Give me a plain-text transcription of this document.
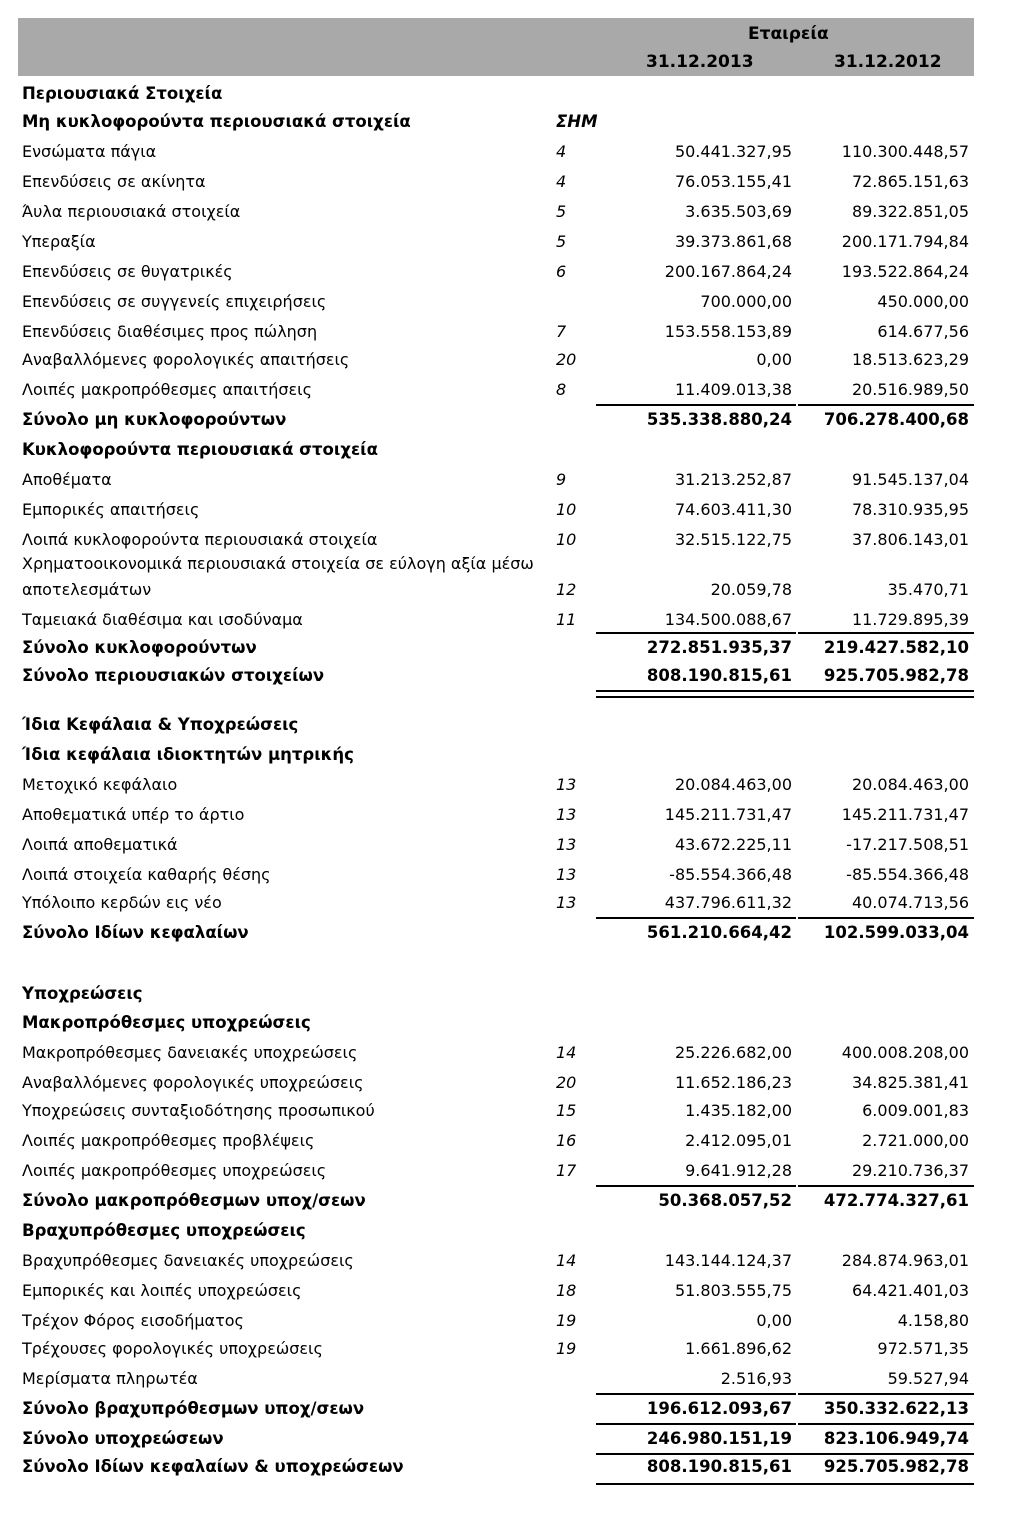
Εταιρεία
31.12.2013	31.12.2012
Περιουσιακά Στοιχεία
Μη κυκλοφορούντα περιουσιακά στοιχεία	ΣΗΜ
Ενσώματα πάγια	4	50.441.327,95	110.300.448,57
Επενδύσεις σε ακίνητα	4	76.053.155,41	72.865.151,63
Άυλα περιουσιακά στοιχεία	5	3.635.503,69	89.322.851,05
Υπεραξία	5	39.373.861,68	200.171.794,84
Επενδύσεις σε θυγατρικές	6	200.167.864,24	193.522.864,24
Επενδύσεις σε συγγενείς επιχειρήσεις	700.000,00	450.000,00
Επενδύσεις διαθέσιμες προς πώληση	7	153.558.153,89	614.677,56
Αναβαλλόμενες φορολογικές απαιτήσεις	20	0,00	18.513.623,29
Λοιπές μακροπρόθεσμες απαιτήσεις	8	11.409.013,38	20.516.989,50
Σύνολο μη κυκλοφορούντων	535.338.880,24 706.278.400,68
Κυκλοφορούντα περιουσιακά στοιχεία
Αποθέματα	9	31.213.252,87	91.545.137,04
Εμπορικές απαιτήσεις	10	74.603.411,30	78.310.935,95
Λοιπά κυκλοφορούντα περιουσιακά στοιχεία	10	32.515.122,75	37.806.143,01
Χρηματοοικονομικά περιουσιακά στοιχεία σε εύλογη αξία μέσω
αποτελεσμάτων	12	20.059,78	35.470,71
Ταμειακά διαθέσιμα και ισοδύναμα	11	134.500.088,67	11.729.895,39
Σύνολο κυκλοφορούντων	272.851.935,37 219.427.582,10
Σύνολο περιουσιακών στοιχείων	808.190.815,61 925.705.982,78
Ίδια Κεφάλαια & Υποχρεώσεις
Ίδια κεφάλαια ιδιοκτητών μητρικής
Μετοχικό κεφάλαιο	13	20.084.463,00	20.084.463,00
Αποθεματικά υπέρ το άρτιο	13	145.211.731,47	145.211.731,47
Λοιπά αποθεματικά	13	43.672.225,11	-17.217.508,51
Λοιπά στοιχεία καθαρής θέσης	13	-85.554.366,48	-85.554.366,48
Υπόλοιπο κερδών εις νέο	13	437.796.611,32	40.074.713,56
Σύνολο Ιδίων κεφαλαίων	561.210.664,42 102.599.033,04
Υποχρεώσεις
Μακροπρόθεσμες υποχρεώσεις
Μακροπρόθεσμες δανειακές υποχρεώσεις	14	25.226.682,00	400.008.208,00
Αναβαλλόμενες φορολογικές υποχρεώσεις	20	11.652.186,23	34.825.381,41
Υποχρεώσεις συνταξιοδότησης προσωπικού	15	1.435.182,00	6.009.001,83
Λοιπές μακροπρόθεσμες προβλέψεις	16	2.412.095,01	2.721.000,00
Λοιπές μακροπρόθεσμες υποχρεώσεις	17	9.641.912,28	29.210.736,37
Σύνολο μακροπρόθεσμων υποχ/σεων	50.368.057,52 472.774.327,61
Βραχυπρόθεσμες υποχρεώσεις
Βραχυπρόθεσμες δανειακές υποχρεώσεις	14	143.144.124,37	284.874.963,01
Εμπορικές και λοιπές υποχρεώσεις	18	51.803.555,75	64.421.401,03
Τρέχον Φόρος εισοδήματος	19	0,00	4.158,80
Τρέχουσες φορολογικές υποχρεώσεις	19	1.661.896,62	972.571,35
Μερίσματα πληρωτέα	2.516,93	59.527,94
Σύνολο βραχυπρόθεσμων υποχ/σεων	196.612.093,67 350.332.622,13
Σύνολο υποχρεώσεων	246.980.151,19 823.106.949,74
Σύνολο Ιδίων κεφαλαίων & υποχρεώσεων	808.190.815,61 925.705.982,78
